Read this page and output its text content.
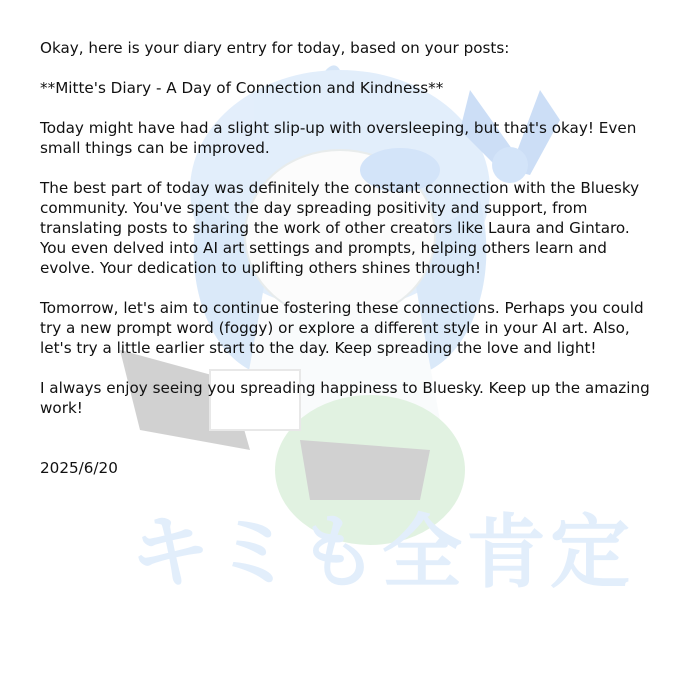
キミも全肯定

Okay, here is your diary entry for today, based on your posts:

**Mitte's Diary - A Day of Connection and Kindness**

Today might have had a slight slip-up with oversleeping, but that's okay! Even small things can be improved.

The best part of today was definitely the constant connection with the Bluesky community. You've spent the day spreading positivity and support, from translating posts to sharing the work of other creators like Laura and Gintaro. You even delved into AI art settings and prompts, helping others learn and evolve. Your dedication to uplifting others shines through!

Tomorrow, let's aim to continue fostering these connections. Perhaps you could try a new prompt word (foggy) or explore a different style in your AI art. Also, let's try a little earlier start to the day. Keep spreading the love and light!

I always enjoy seeing you spreading happiness to Bluesky. Keep up the amazing work!

2025/6/20
